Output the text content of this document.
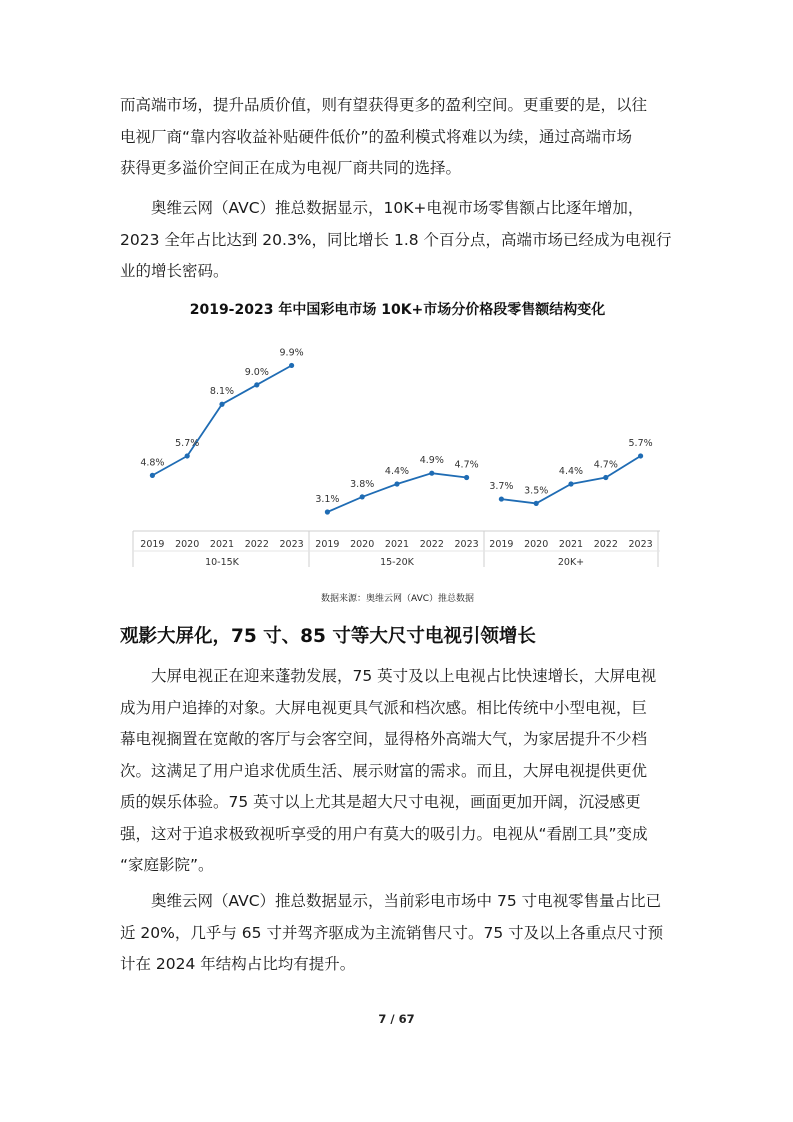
而高端市场，提升品质价值，则有望获得更多的盈利空间。更重要的是，以往
电视厂商“靠内容收益补贴硬件低价”的盈利模式将难以为续，通过高端市场
获得更多溢价空间正在成为电视厂商共同的选择。

奥维云网（AVC）推总数据显示，10K+电视市场零售额占比逐年增加，
2023 全年占比达到 20.3%，同比增长 1.8 个百分点，高端市场已经成为电视行
业的增长密码。

2019-2023 年中国彩电市场 10K+市场分价格段零售额结构变化
4.8%
5.7%
8.1%
9.0%
9.9%
2019 2020 2021 2022 2023
10-15K
3.1%
3.8%
4.4%
4.9% 4.7%
2019 2020 2021 2022 2023
15-20K
3.7% 3.5%
4.4%
4.7%
5.7%
2019 2020 2021 2022 2023
20K+
数据来源：奥维云网（AVC）推总数据
观影大屏化，75 寸、85 寸等大尺寸电视引领增长

大屏电视正在迎来蓬勃发展，75 英寸及以上电视占比快速增长，大屏电视
成为用户追捧的对象。大屏电视更具气派和档次感。相比传统中小型电视，巨
幕电视搁置在宽敞的客厅与会客空间，显得格外高端大气，为家居提升不少档
次。这满足了用户追求优质生活、展示财富的需求。而且，大屏电视提供更优
质的娱乐体验。75 英寸以上尤其是超大尺寸电视，画面更加开阔，沉浸感更
强，这对于追求极致视听享受的用户有莫大的吸引力。电视从“看剧工具”变成
“家庭影院”。

奥维云网（AVC）推总数据显示，当前彩电市场中 75 寸电视零售量占比已
近 20%，几乎与 65 寸并驾齐驱成为主流销售尺寸。75 寸及以上各重点尺寸预
计在 2024 年结构占比均有提升。

7 / 67
